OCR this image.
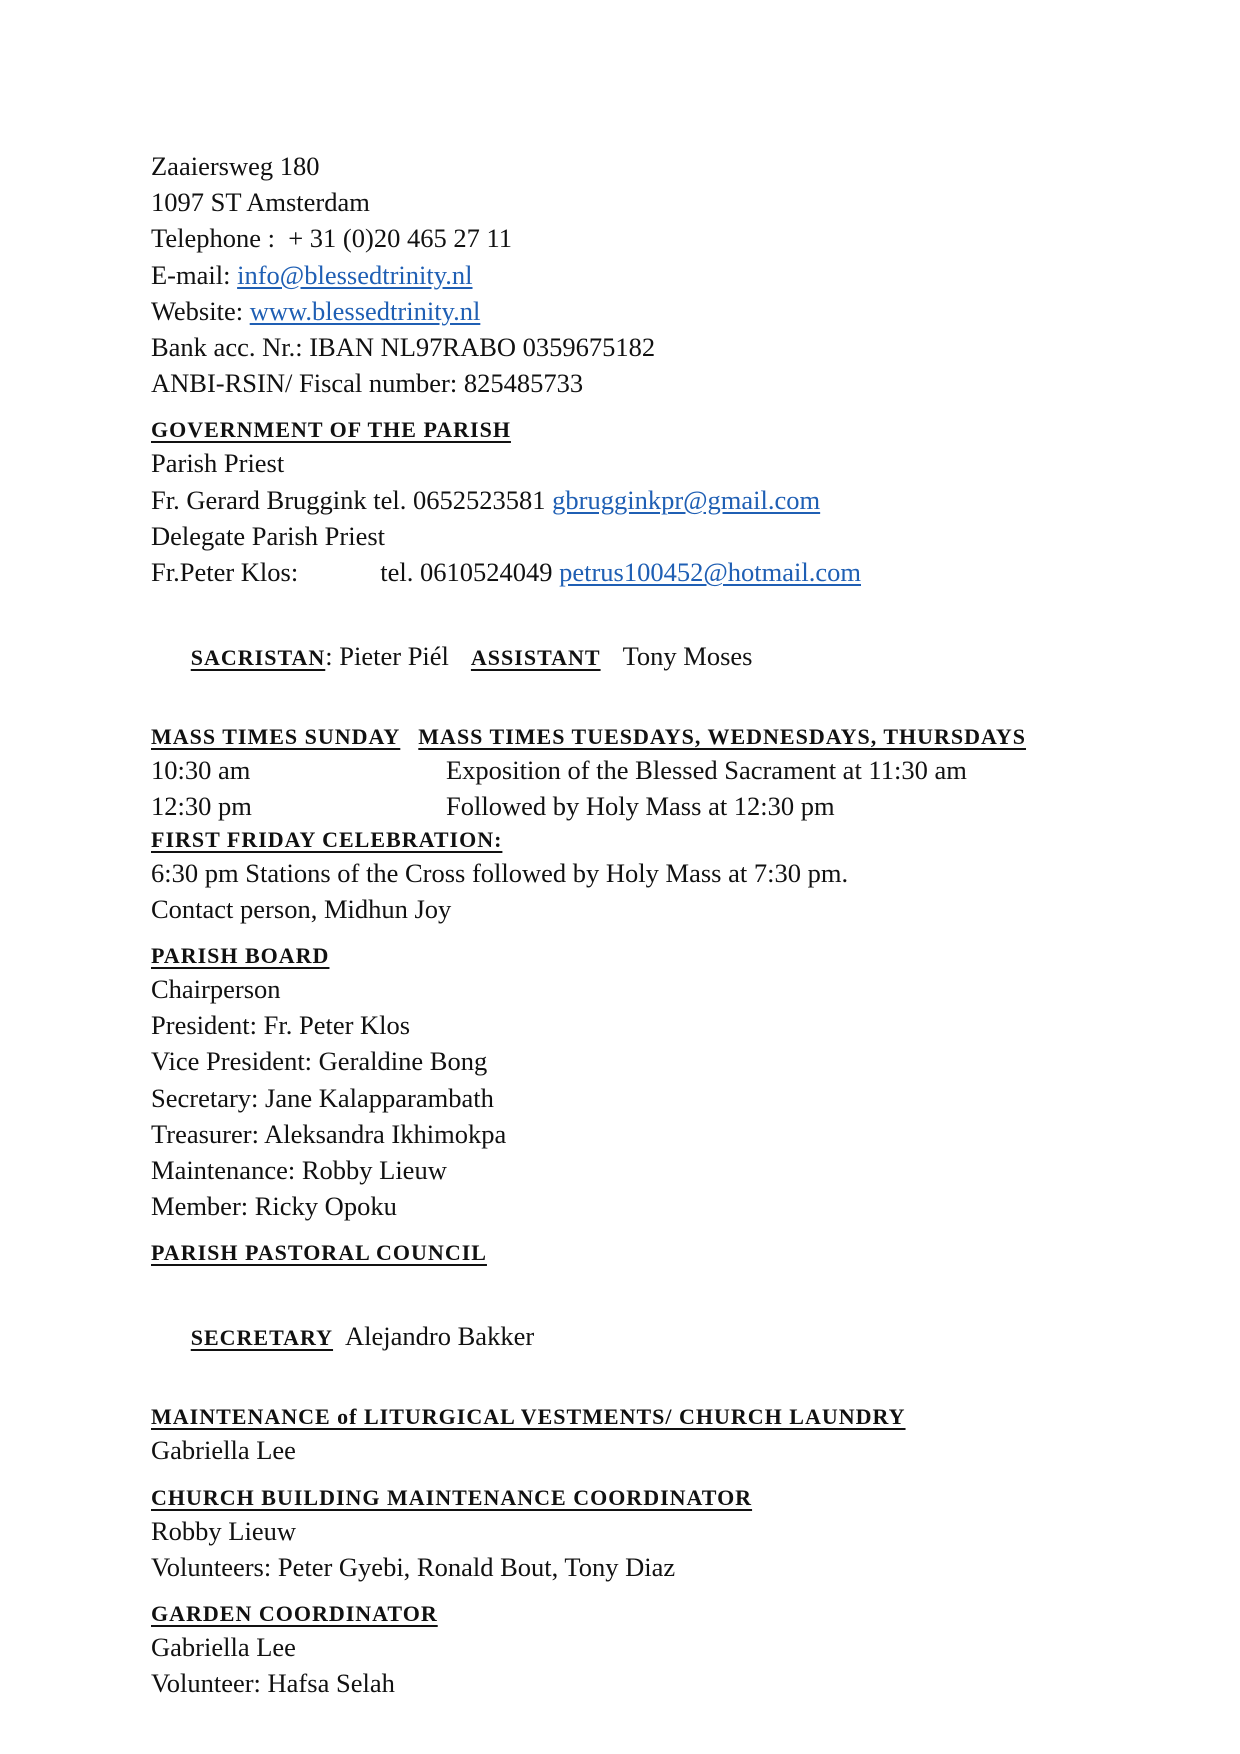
Zaaiersweg 180
1097 ST Amsterdam
Telephone :  + 31 (0)20 465 27 11
E-mail: info@blessedtrinity.nl
Website: www.blessedtrinity.nl
Bank acc. Nr.: IBAN NL97RABO 0359675182
ANBI-RSIN/ Fiscal number: 825485733
GOVERNMENT OF THE PARISH
Parish Priest
Fr. Gerard Bruggink tel. 0652523581 gbrugginkpr@gmail.com
Delegate Parish Priest
Fr.Peter Klos:	tel. 0610524049 petrus100452@hotmail.com

SACRISTAN: Pieter Piél ASSISTANT Tony Moses

MASS TIMES SUNDAY MASS TIMES TUESDAYS, WEDNESDAYS, THURSDAYS
10:30 am	Exposition of the Blessed Sacrament at 11:30 am
12:30 pm	Followed by Holy Mass at 12:30 pm
FIRST FRIDAY CELEBRATION:
6:30 pm Stations of the Cross followed by Holy Mass at 7:30 pm.
Contact person, Midhun Joy
PARISH BOARD
Chairperson
President: Fr. Peter Klos
Vice President: Geraldine Bong
Secretary: Jane Kalapparambath
Treasurer: Aleksandra Ikhimokpa
Maintenance: Robby Lieuw
Member: Ricky Opoku
PARISH PASTORAL COUNCIL

SECRETARY Alejandro Bakker

MAINTENANCE of LITURGICAL VESTMENTS/ CHURCH LAUNDRY
Gabriella Lee
CHURCH BUILDING MAINTENANCE COORDINATOR
Robby Lieuw
Volunteers: Peter Gyebi, Ronald Bout, Tony Diaz
GARDEN COORDINATOR
Gabriella Lee
Volunteer: Hafsa Selah
